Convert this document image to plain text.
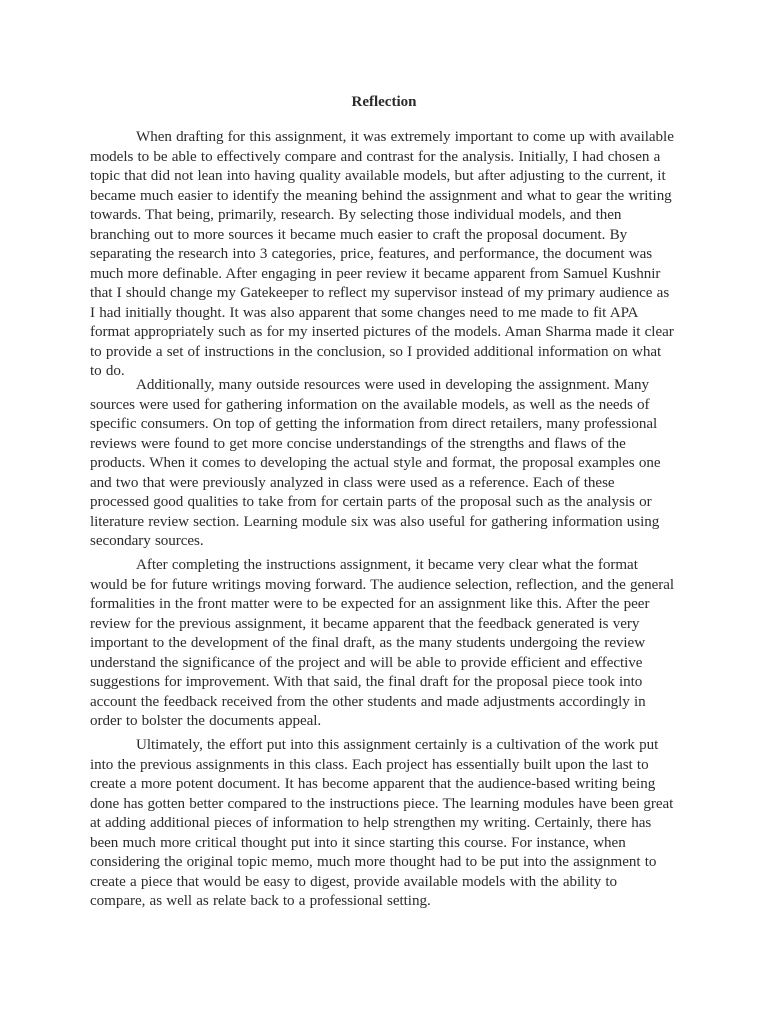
Reflection

When drafting for this assignment, it was extremely important to come up with available models to be able to effectively compare and contrast for the analysis. Initially, I had chosen a topic that did not lean into having quality available models, but after adjusting to the current, it became much easier to identify the meaning behind the assignment and what to gear the writing towards. That being, primarily, research. By selecting those individual models, and then branching out to more sources it became much easier to craft the proposal document. By separating the research into 3 categories, price, features, and performance, the document was much more definable. After engaging in peer review it became apparent from Samuel Kushnir that I should change my Gatekeeper to reflect my supervisor instead of my primary audience as I had initially thought. It was also apparent that some changes need to me made to fit APA format appropriately such as for my inserted pictures of the models. Aman Sharma made it clear to provide a set of instructions in the conclusion, so I provided additional information on what to do.

Additionally, many outside resources were used in developing the assignment. Many sources were used for gathering information on the available models, as well as the needs of specific consumers. On top of getting the information from direct retailers, many professional reviews were found to get more concise understandings of the strengths and flaws of the products. When it comes to developing the actual style and format, the proposal examples one and two that were previously analyzed in class were used as a reference. Each of these processed good qualities to take from for certain parts of the proposal such as the analysis or literature review section. Learning module six was also useful for gathering information using secondary sources.

After completing the instructions assignment, it became very clear what the format would be for future writings moving forward. The audience selection, reflection, and the general formalities in the front matter were to be expected for an assignment like this. After the peer review for the previous assignment, it became apparent that the feedback generated is very important to the development of the final draft, as the many students undergoing the review understand the significance of the project and will be able to provide efficient and effective suggestions for improvement. With that said, the final draft for the proposal piece took into account the feedback received from the other students and made adjustments accordingly in order to bolster the documents appeal.

Ultimately, the effort put into this assignment certainly is a cultivation of the work put into the previous assignments in this class. Each project has essentially built upon the last to create a more potent document. It has become apparent that the audience-based writing being done has gotten better compared to the instructions piece. The learning modules have been great at adding additional pieces of information to help strengthen my writing. Certainly, there has been much more critical thought put into it since starting this course. For instance, when considering the original topic memo, much more thought had to be put into the assignment to create a piece that would be easy to digest, provide available models with the ability to compare, as well as relate back to a professional setting.
